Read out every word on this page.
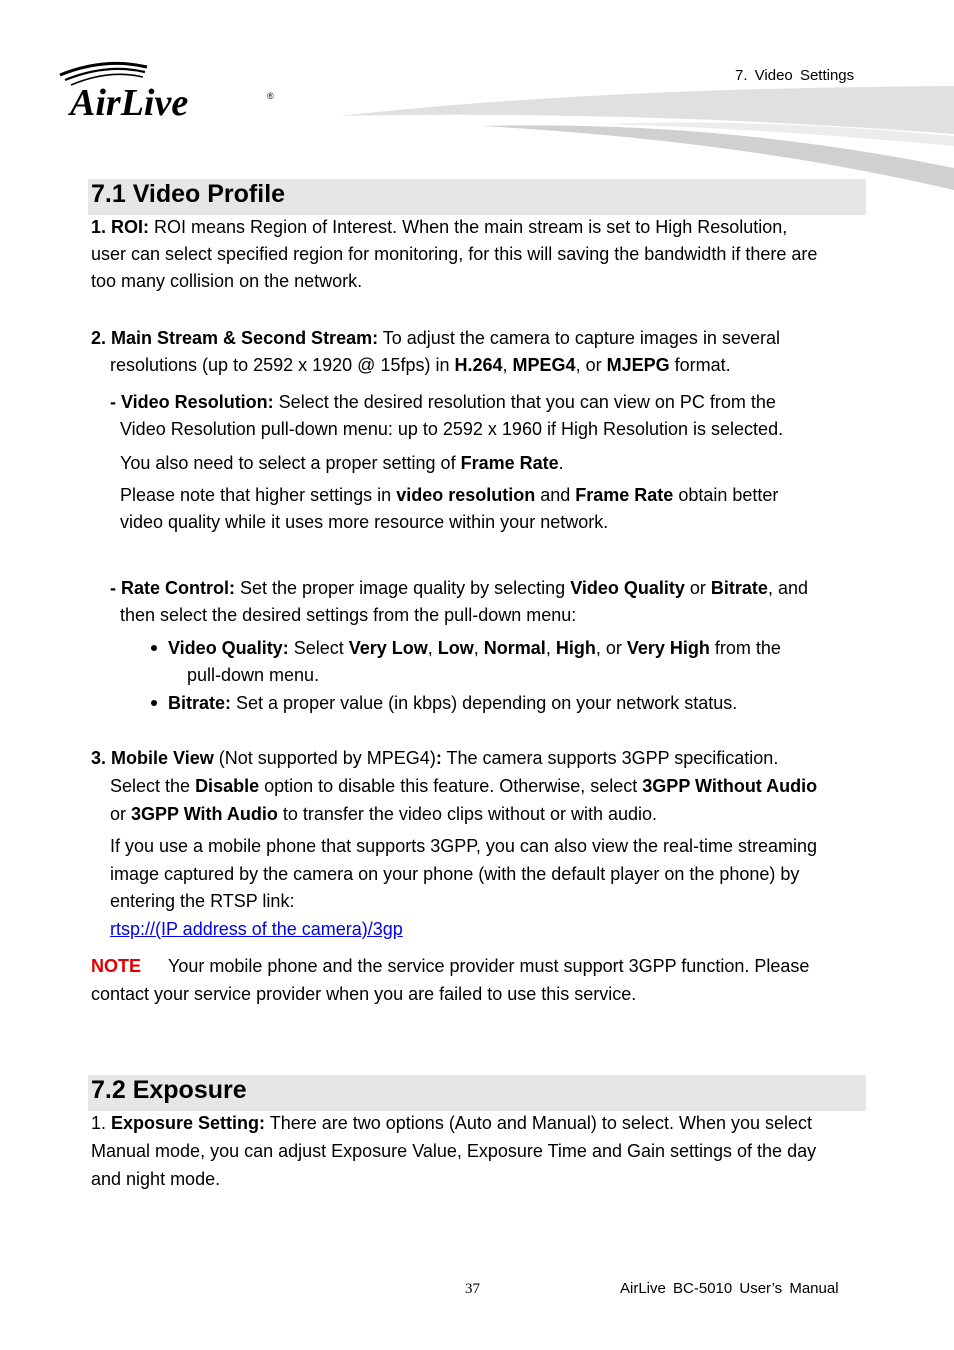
7. Video Settings
AirLive	®
7.1 Video Profile
1. ROI: ROI means Region of Interest. When the main stream is set to High Resolution,
user can select specified region for monitoring, for this will saving the bandwidth if there are
too many collision on the network.
2. Main Stream & Second Stream: To adjust the camera to capture images in several
resolutions (up to 2592 x 1920 @ 15fps) in H.264, MPEG4, or MJEPG format.
- Video Resolution: Select the desired resolution that you can view on PC from the
Video Resolution pull-down menu: up to 2592 x 1960 if High Resolution is selected.
You also need to select a proper setting of Frame Rate.
Please note that higher settings in video resolution and Frame Rate obtain better
video quality while it uses more resource within your network.
- Rate Control: Set the proper image quality by selecting Video Quality or Bitrate, and
then select the desired settings from the pull-down menu:
Video Quality: Select Very Low, Low, Normal, High, or Very High from the
pull-down menu.
Bitrate: Set a proper value (in kbps) depending on your network status.
3. Mobile View (Not supported by MPEG4): The camera supports 3GPP specification.
Select the Disable option to disable this feature. Otherwise, select 3GPP Without Audio
or 3GPP With Audio to transfer the video clips without or with audio.
If you use a mobile phone that supports 3GPP, you can also view the real-time streaming
image captured by the camera on your phone (with the default player on the phone) by
entering the RTSP link:
rtsp://(IP address of the camera)/3gp
NOTE Your mobile phone and the service provider must support 3GPP function. Please
contact your service provider when you are failed to use this service.
7.2 Exposure
1. Exposure Setting: There are two options (Auto and Manual) to select. When you select
Manual mode, you can adjust Exposure Value, Exposure Time and Gain settings of the day
and night mode.
37	AirLive BC-5010 User’s Manual
